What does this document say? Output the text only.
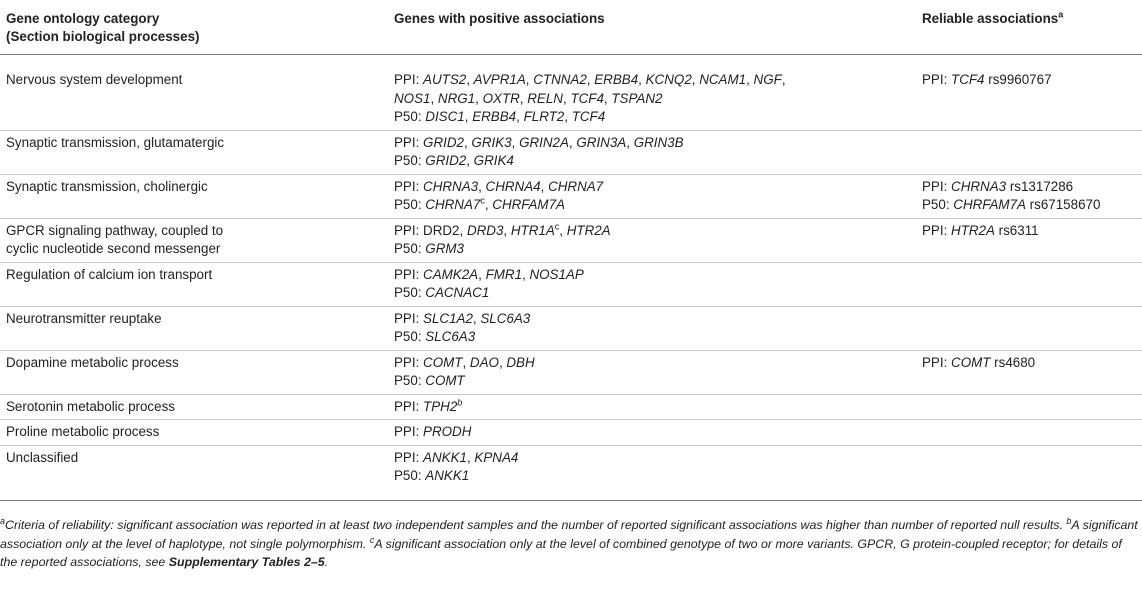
Gene ontology category
(Section biological processes)	Genes with positive associations	Reliable associations$^a$

Nervous system development	PPI: AUTS2, AVPR1A, CTNNA2, ERBB4, KCNQ2, NCAM1, NGF,
NOS1, NRG1, OXTR, RELN, TCF4, TSPAN2
P50: DISC1, ERBB4, FLRT2, TCF4	PPI: TCF4 rs9960767

Synaptic transmission, glutamatergic	PPI: GRID2, GRIK3, GRIN2A, GRIN3A, GRIN3B
P50: GRID2, GRIK4	

Synaptic transmission, cholinergic	PPI: CHRNA3, CHRNA4, CHRNA7
P50: CHRNA7$^c$, CHRFAM7A	PPI: CHRNA3 rs1317286
P50: CHRFAM7A rs67158670

GPCR signaling pathway, coupled to
cyclic nucleotide second messenger	PPI: DRD2, DRD3, $HTR1A^c$, HTR2A
P50: GRM3	PPI: HTR2A rs6311

Regulation of calcium ion transport	PPI: CAMK2A, FMR1, NOS1AP
P50: CACNAC1	

Neurotransmitter reuptake	PPI: SLC1A2, SLC6A3
P50: SLC6A3	

Dopamine metabolic process	PPI: COMT, DAO, DBH
P50: COMT	PPI: COMT rs4680

Serotonin metabolic process	PPI: TPH2$^b$

Proline metabolic process	PPI: PRODH	

Unclassified	PPI: ANKK1, KPNA4
P50: ANKK1	

$^a$Criteria of reliability: significant association was reported in at least two independent samples and the number of reported significant associations was higher than number of reported null results. $^b$A significant association only at the level of haplotype, not single polymorphism. $^c$A significant association only at the level of combined genotype of two or more variants. GPCR, G protein-coupled receptor; for details of the reported associations, see Supplementary Tables 2–5.
